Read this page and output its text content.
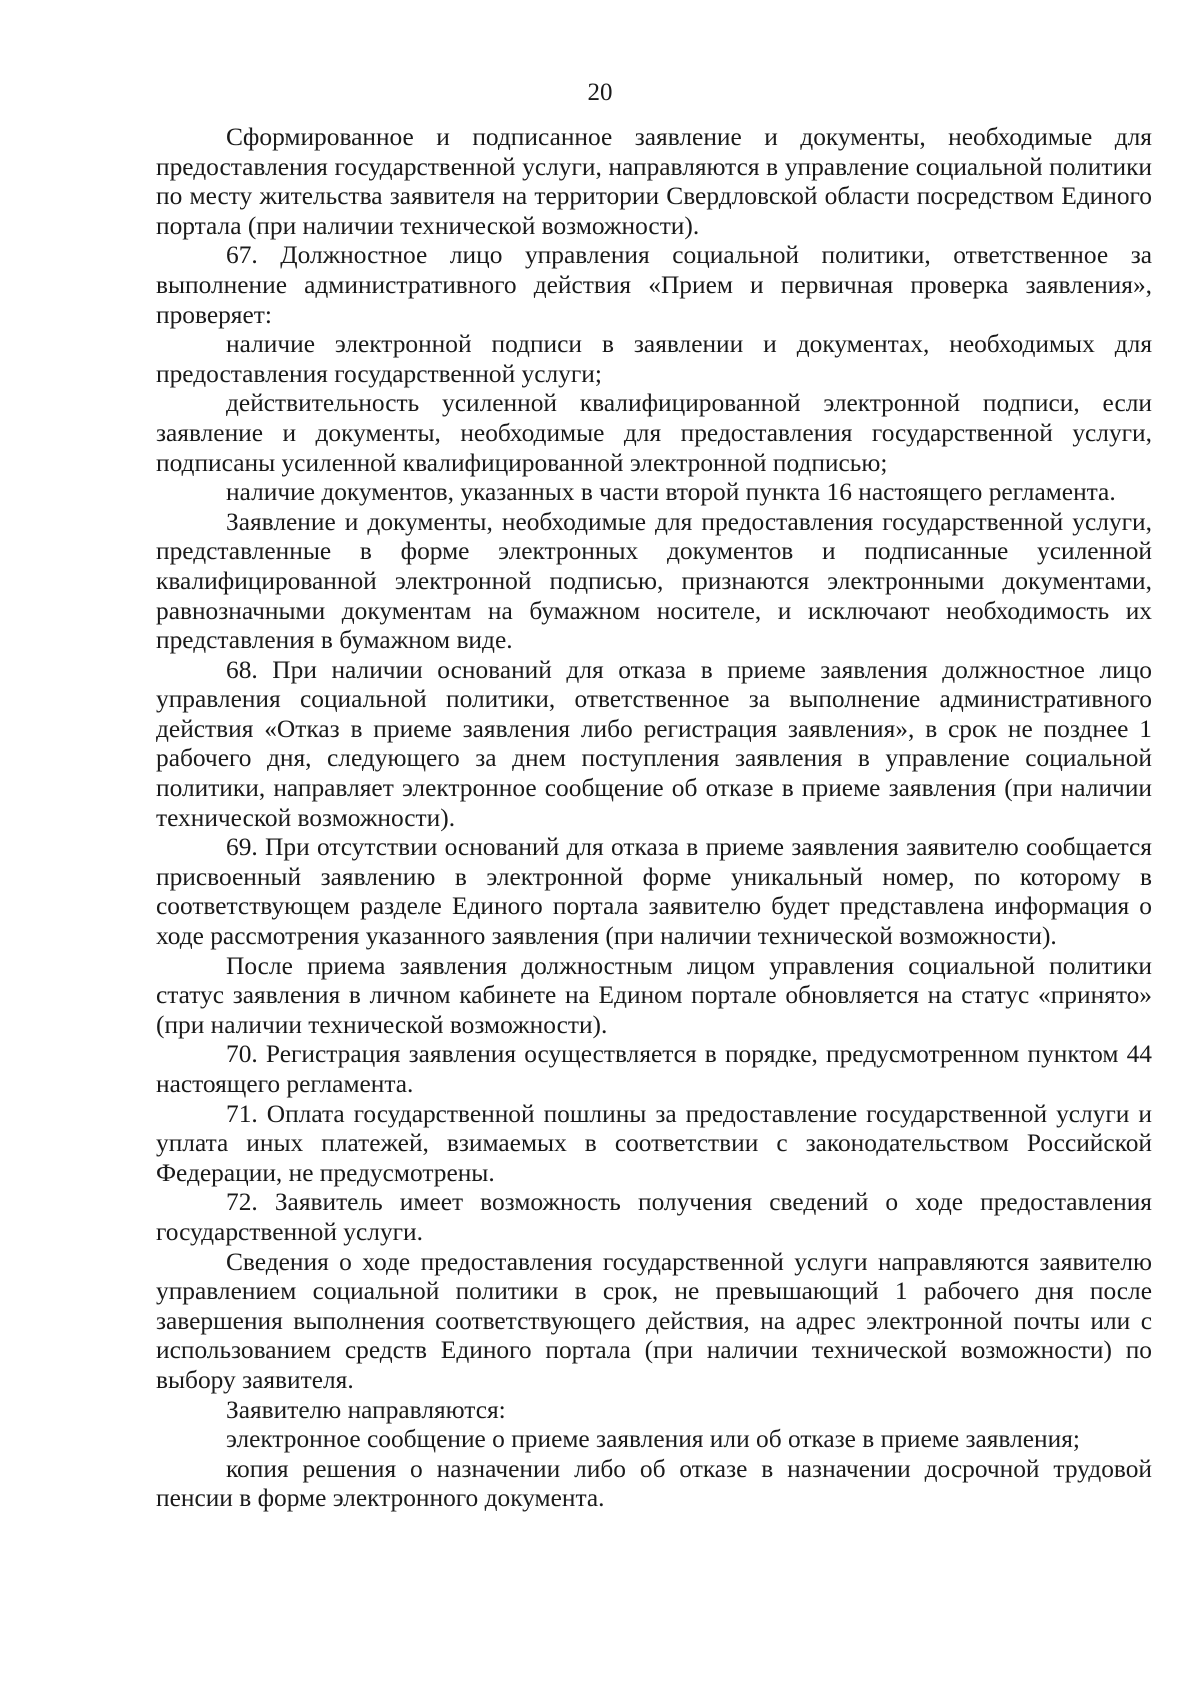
20

Сформированное и подписанное заявление и документы, необходимые для предоставления государственной услуги, направляются в управление социальной политики по месту жительства заявителя на территории Свердловской области посредством Единого портала (при наличии технической возможности).

67. Должностное лицо управления социальной политики, ответственное за выполнение административного действия «Прием и первичная проверка заявления», проверяет:

наличие электронной подписи в заявлении и документах, необходимых для предоставления государственной услуги;

действительность усиленной квалифицированной электронной подписи, если заявление и документы, необходимые для предоставления государственной услуги, подписаны усиленной квалифицированной электронной подписью;

наличие документов, указанных в части второй пункта 16 настоящего регламента.

Заявление и документы, необходимые для предоставления государственной услуги, представленные в форме электронных документов и подписанные усиленной квалифицированной электронной подписью, признаются электронными документами, равнозначными документам на бумажном носителе, и исключают необходимость их представления в бумажном виде.

68. При наличии оснований для отказа в приеме заявления должностное лицо управления социальной политики, ответственное за выполнение административного действия «Отказ в приеме заявления либо регистрация заявления», в срок не позднее 1 рабочего дня, следующего за днем поступления заявления в управление социальной политики, направляет электронное сообщение об отказе в приеме заявления (при наличии технической возможности).

69. При отсутствии оснований для отказа в приеме заявления заявителю сообщается присвоенный заявлению в электронной форме уникальный номер, по которому в соответствующем разделе Единого портала заявителю будет представлена информация о ходе рассмотрения указанного заявления (при наличии технической возможности).

После приема заявления должностным лицом управления социальной политики статус заявления в личном кабинете на Едином портале обновляется на статус «принято» (при наличии технической возможности).

70. Регистрация заявления осуществляется в порядке, предусмотренном пунктом 44 настоящего регламента.

71. Оплата государственной пошлины за предоставление государственной услуги и уплата иных платежей, взимаемых в соответствии с законодательством Российской Федерации, не предусмотрены.

72. Заявитель имеет возможность получения сведений о ходе предоставления государственной услуги.

Сведения о ходе предоставления государственной услуги направляются заявителю управлением социальной политики в срок, не превышающий 1 рабочего дня после завершения выполнения соответствующего действия, на адрес электронной почты или с использованием средств Единого портала (при наличии технической возможности) по выбору заявителя.

Заявителю направляются:

электронное сообщение о приеме заявления или об отказе в приеме заявления;

копия решения о назначении либо об отказе в назначении досрочной трудовой пенсии в форме электронного документа.
